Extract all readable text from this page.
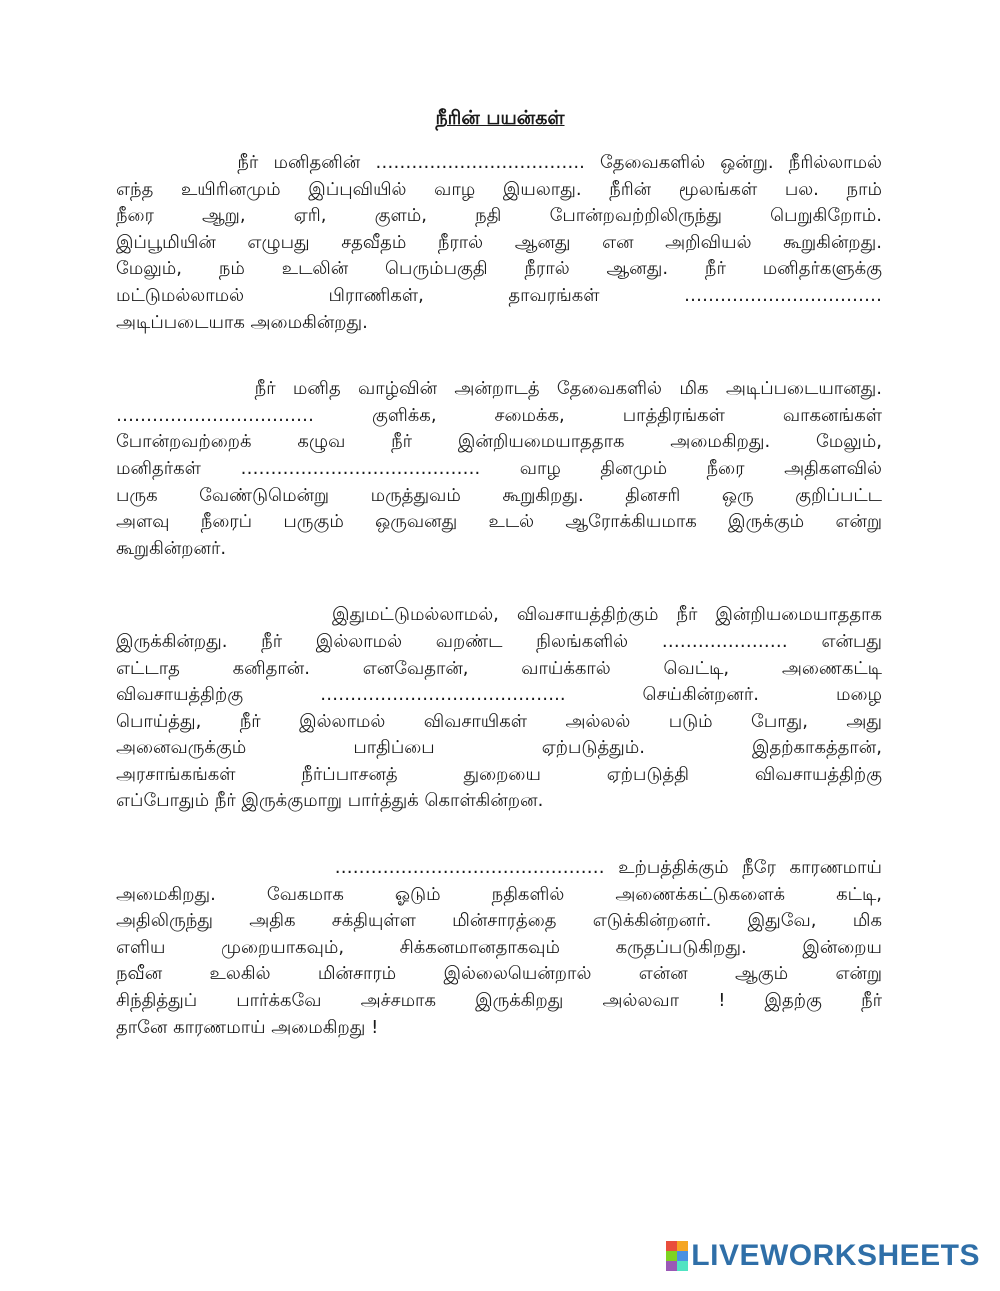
நீரின் பயன்கள்
நீர் மனிதனின் …………………………….. தேவைகளில் ஒன்று. நீரில்லாமல்
எந்த உயிரினமும் இப்புவியில் வாழ இயலாது. நீரின் மூலங்கள் பல. நாம்
நீரை ஆறு, ஏரி, குளம், நதி போன்றவற்றிலிருந்து பெறுகிறோம்.
இப்பூமியின் எழுபது சதவீதம் நீரால் ஆனது என அறிவியல் கூறுகின்றது.
மேலும், நம் உடலின் பெரும்பகுதி நீரால் ஆனது. நீர் மனிதர்களுக்கு
மட்டுமல்லாமல் பிராணிகள், தாவரங்கள் ……………………………
அடிப்படையாக அமைகின்றது.
நீர் மனித வாழ்வின் அன்றாடத் தேவைகளில் மிக அடிப்படையானது.
…………………………… குளிக்க, சமைக்க, பாத்திரங்கள் வாகனங்கள்
போன்றவற்றைக் கழுவ நீர் இன்றியமையாததாக அமைகிறது. மேலும்,
மனிதர்கள் …………………………………. வாழ தினமும் நீரை அதிகளவில்
பருக வேண்டுமென்று மருத்துவம் கூறுகிறது. தினசரி ஒரு குறிப்பட்ட
அளவு நீரைப் பருகும் ஒருவனது உடல் ஆரோக்கியமாக இருக்கும் என்று
கூறுகின்றனர்.
இதுமட்டுமல்லாமல், விவசாயத்திற்கும் நீர் இன்றியமையாததாக
இருக்கின்றது. நீர் இல்லாமல் வறண்ட நிலங்களில் ………………… என்பது
எட்டாத கனிதான். எனவேதான், வாய்க்கால் வெட்டி, அணைகட்டி
விவசாயத்திற்கு ………………………………….. செய்கின்றனர். மழை
பொய்த்து, நீர் இல்லாமல் விவசாயிகள் அல்லல் படும் போது, அது
அனைவருக்கும் பாதிப்பை ஏற்படுத்தும். இதற்காகத்தான்,
அரசாங்கங்கள் நீர்ப்பாசனத் துறையை ஏற்படுத்தி விவசாயத்திற்கு
எப்போதும் நீர் இருக்குமாறு பார்த்துக் கொள்கின்றன.
……………………………………… உற்பத்திக்கும் நீரே காரணமாய்
அமைகிறது. வேகமாக ஓடும் நதிகளில் அணைக்கட்டுகளைக் கட்டி,
அதிலிருந்து அதிக சக்தியுள்ள மின்சாரத்தை எடுக்கின்றனர். இதுவே, மிக
எளிய முறையாகவும், சிக்கனமானதாகவும் கருதப்படுகிறது. இன்றைய
நவீன உலகில் மின்சாரம் இல்லையென்றால் என்ன ஆகும் என்று
சிந்தித்துப் பார்க்கவே அச்சமாக இருக்கிறது அல்லவா ! இதற்கு நீர்
தானே காரணமாய் அமைகிறது !
LIVEWORKSHEETS
